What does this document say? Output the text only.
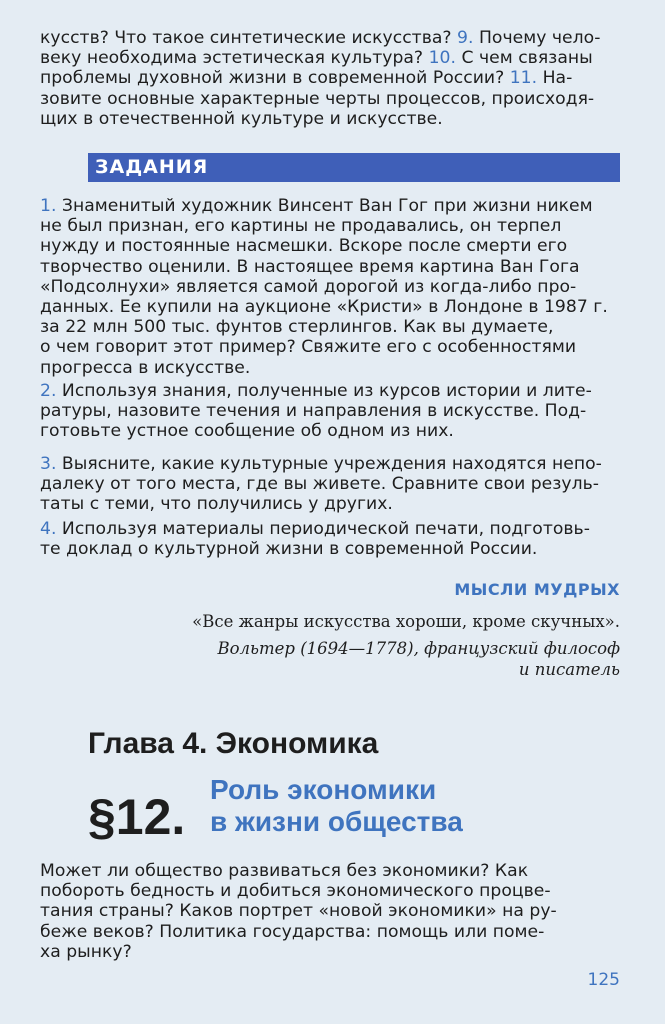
кусств? Что такое синтетические искусства? 9. Почему чело-
веку необходима эстетическая культура? 10. С чем связаны
проблемы духовной жизни в современной России? 11. На-
зовите основные характерные черты процессов, происходя-
щих в отечественной культуре и искусстве.

ЗАДАНИЯ

1. Знаменитый художник Винсент Ван Гог при жизни никем
не был признан, его картины не продавались, он терпел
нужду и постоянные насмешки. Вскоре после смерти его
творчество оценили. В настоящее время картина Ван Гога
«Подсолнухи» является самой дорогой из когда-либо про-
данных. Ее купили на аукционе «Кристи» в Лондоне в 1987 г.
за 22 млн 500 тыс. фунтов стерлингов. Как вы думаете,
о чем говорит этот пример? Свяжите его с особенностями
прогресса в искусстве.

2. Используя знания, полученные из курсов истории и лите-
ратуры, назовите течения и направления в искусстве. Под-
готовьте устное сообщение об одном из них.

3. Выясните, какие культурные учреждения находятся непо-
далеку от того места, где вы живете. Сравните свои резуль-
таты с теми, что получились у других.

4. Используя материалы периодической печати, подготовь-
те доклад о культурной жизни в современной России.

МЫСЛИ МУДРЫХ
«Все жанры искусства хороши, кроме скучных».
Вольтер (1694—1778), французский философ
и писатель
Глава 4. Экономика
§12. Роль экономики
в жизни общества

Может ли общество развиваться без экономики? Как
побороть бедность и добиться экономического процве-
тания страны? Каков портрет «новой экономики» на ру-
беже веков? Политика государства: помощь или поме-
ха рынку?

125
